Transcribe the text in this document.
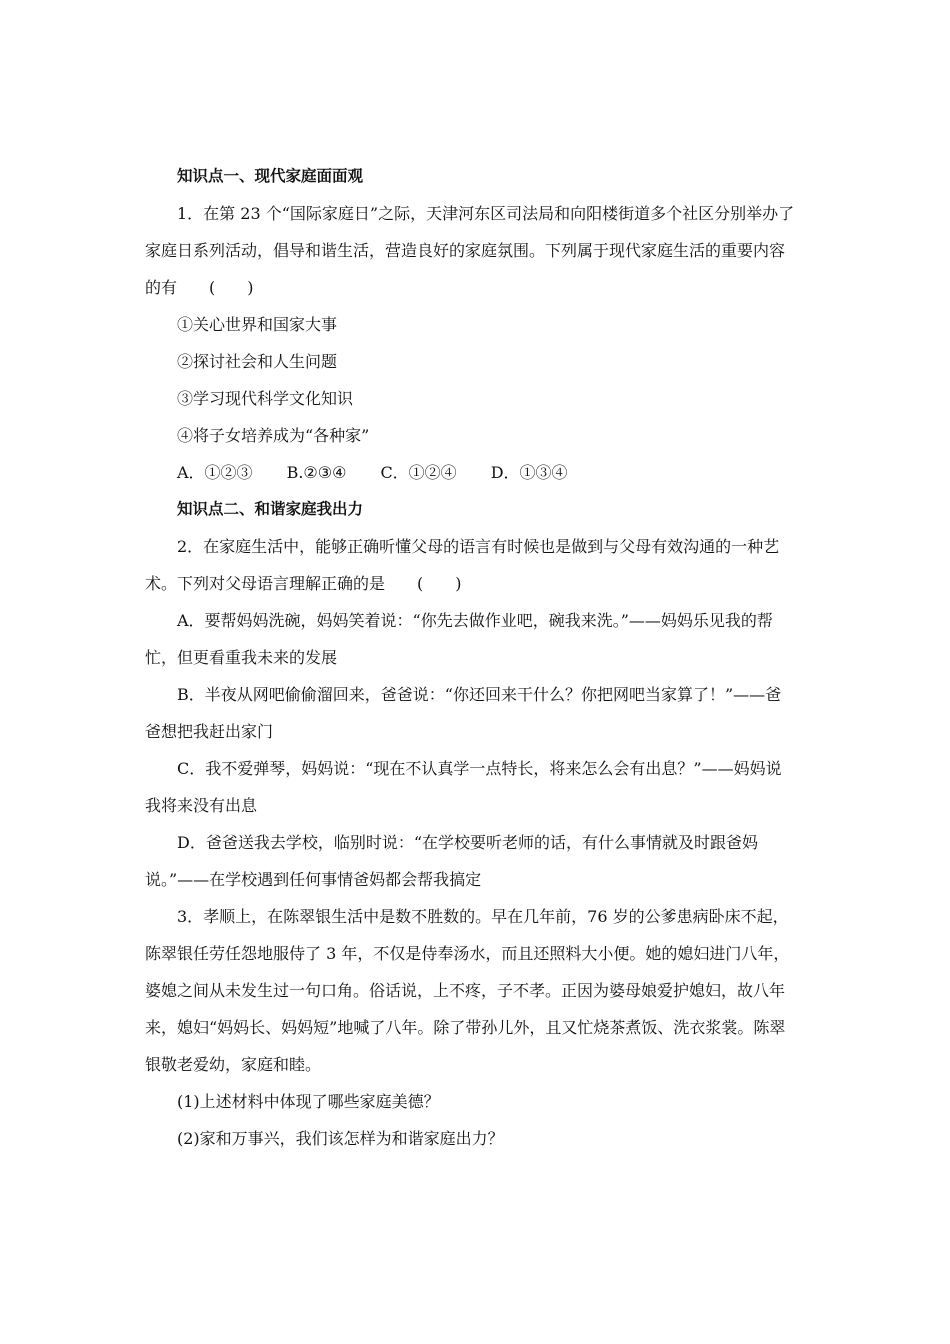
知识点一、现代家庭面面观
1．在第 23 个“国际家庭日”之际，天津河东区司法局和向阳楼街道多个社区分别举办了
家庭日系列活动，倡导和谐生活，营造良好的家庭氛围。下列属于现代家庭生活的重要内容
的有　　(　　)
①关心世界和国家大事
②探讨社会和人生问题
③学习现代科学文化知识
④将子女培养成为“各种家”
A．①②③ B.②③④ C．①②④ D．①③④
知识点二、和谐家庭我出力
2．在家庭生活中，能够正确听懂父母的语言有时候也是做到与父母有效沟通的一种艺
术。下列对父母语言理解正确的是　　(　　)
A．要帮妈妈洗碗，妈妈笑着说：“你先去做作业吧，碗我来洗。”——妈妈乐见我的帮
忙，但更看重我未来的发展
B．半夜从网吧偷偷溜回来，爸爸说：“你还回来干什么？你把网吧当家算了！”——爸
爸想把我赶出家门
C．我不爱弹琴，妈妈说：“现在不认真学一点特长，将来怎么会有出息？”——妈妈说
我将来没有出息
D．爸爸送我去学校，临别时说：“在学校要听老师的话，有什么事情就及时跟爸妈
说。”——在学校遇到任何事情爸妈都会帮我搞定
3．孝顺上，在陈翠银生活中是数不胜数的。早在几年前，76 岁的公爹患病卧床不起，
陈翠银任劳任怨地服侍了 3 年，不仅是侍奉汤水，而且还照料大小便。她的媳妇进门八年，
婆媳之间从未发生过一句口角。俗话说，上不疼，子不孝。正因为婆母娘爱护媳妇，故八年
来，媳妇“妈妈长、妈妈短”地喊了八年。除了带孙儿外，且又忙烧茶煮饭、洗衣浆裳。陈翠
银敬老爱幼，家庭和睦。
(1)上述材料中体现了哪些家庭美德？
(2)家和万事兴，我们该怎样为和谐家庭出力？
